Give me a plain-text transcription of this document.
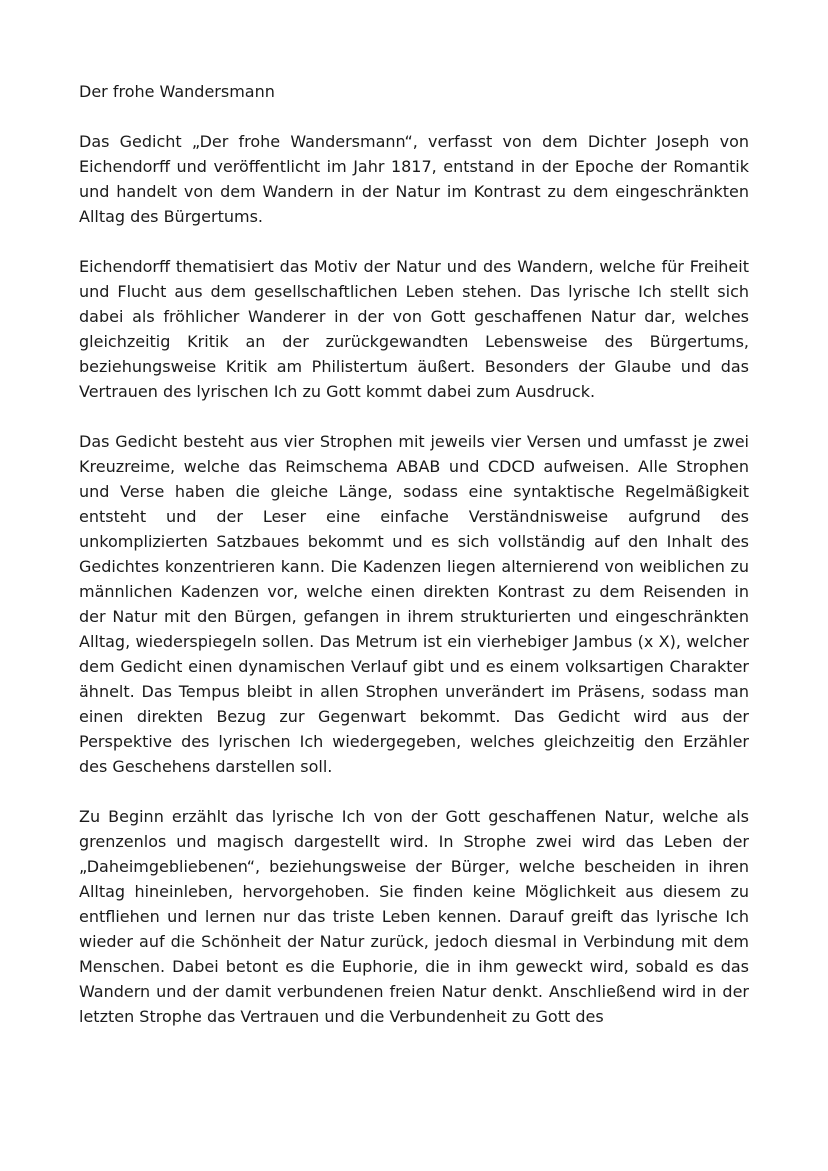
Der frohe Wandersmann

Das Gedicht „Der frohe Wandersmann“, verfasst von dem Dichter Joseph von Eichendorff und veröffentlicht im Jahr 1817, entstand in der Epoche der Romantik und handelt von dem Wandern in der Natur im Kontrast zu dem eingeschränkten Alltag des Bürgertums.

Eichendorff thematisiert das Motiv der Natur und des Wandern, welche für Freiheit und Flucht aus dem gesellschaftlichen Leben stehen. Das lyrische Ich stellt sich dabei als fröhlicher Wanderer in der von Gott geschaffenen Natur dar, welches gleichzeitig Kritik an der zurückgewandten Lebensweise des Bürgertums, beziehungsweise Kritik am Philistertum äußert. Besonders der Glaube und das Vertrauen des lyrischen Ich zu Gott kommt dabei zum Ausdruck.

Das Gedicht besteht aus vier Strophen mit jeweils vier Versen und umfasst je zwei Kreuzreime, welche das Reimschema ABAB und CDCD aufweisen. Alle Strophen und Verse haben die gleiche Länge, sodass eine syntaktische Regelmäßigkeit entsteht und der Leser eine einfache Verständnisweise aufgrund des unkomplizierten Satzbaues bekommt und es sich vollständig auf den Inhalt des Gedichtes konzentrieren kann. Die Kadenzen liegen alternierend von weiblichen zu männlichen Kadenzen vor, welche einen direkten Kontrast zu dem Reisenden in der Natur mit den Bürgen, gefangen in ihrem strukturierten und eingeschränkten Alltag, wiederspiegeln sollen. Das Metrum ist ein vierhebiger Jambus (x X), welcher dem Gedicht einen dynamischen Verlauf gibt und es einem volksartigen Charakter ähnelt. Das Tempus bleibt in allen Strophen unverändert im Präsens, sodass man einen direkten Bezug zur Gegenwart bekommt. Das Gedicht wird aus der Perspektive des lyrischen Ich wiedergegeben, welches gleichzeitig den Erzähler des Geschehens darstellen soll.

Zu Beginn erzählt das lyrische Ich von der Gott geschaffenen Natur, welche als grenzenlos und magisch dargestellt wird. In Strophe zwei wird das Leben der „Daheimgebliebenen“, beziehungsweise der Bürger, welche bescheiden in ihren Alltag hineinleben, hervorgehoben. Sie finden keine Möglichkeit aus diesem zu entfliehen und lernen nur das triste Leben kennen. Darauf greift das lyrische Ich wieder auf die Schönheit der Natur zurück, jedoch diesmal in Verbindung mit dem Menschen. Dabei betont es die Euphorie, die in ihm geweckt wird, sobald es das Wandern und der damit verbundenen freien Natur denkt. Anschließend wird in der letzten Strophe das Vertrauen und die Verbundenheit zu Gott des
